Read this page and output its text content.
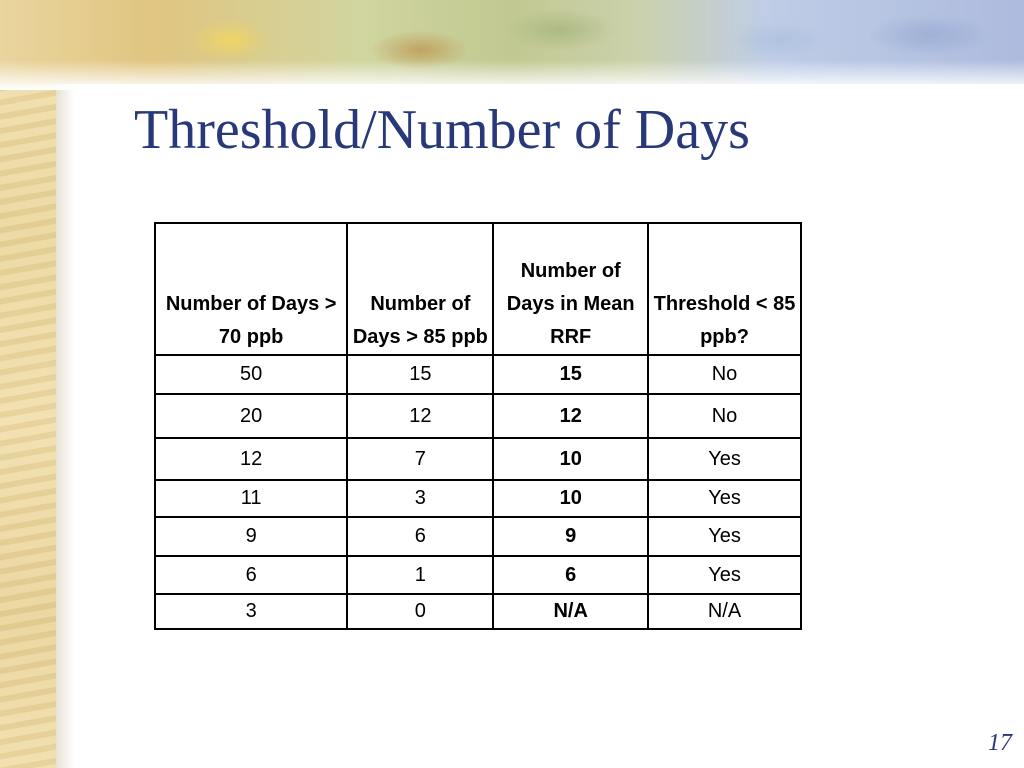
Threshold/Number of Days
Number of Days > 70 ppb	Number of Days > 85 ppb	Number of Days in Mean RRF	Threshold < 85 ppb?
50	15	15	No
20	12	12	No
12	7	10	Yes
11	3	10	Yes
9	6	9	Yes
6	1	6	Yes
3	0	N/A	N/A
17
